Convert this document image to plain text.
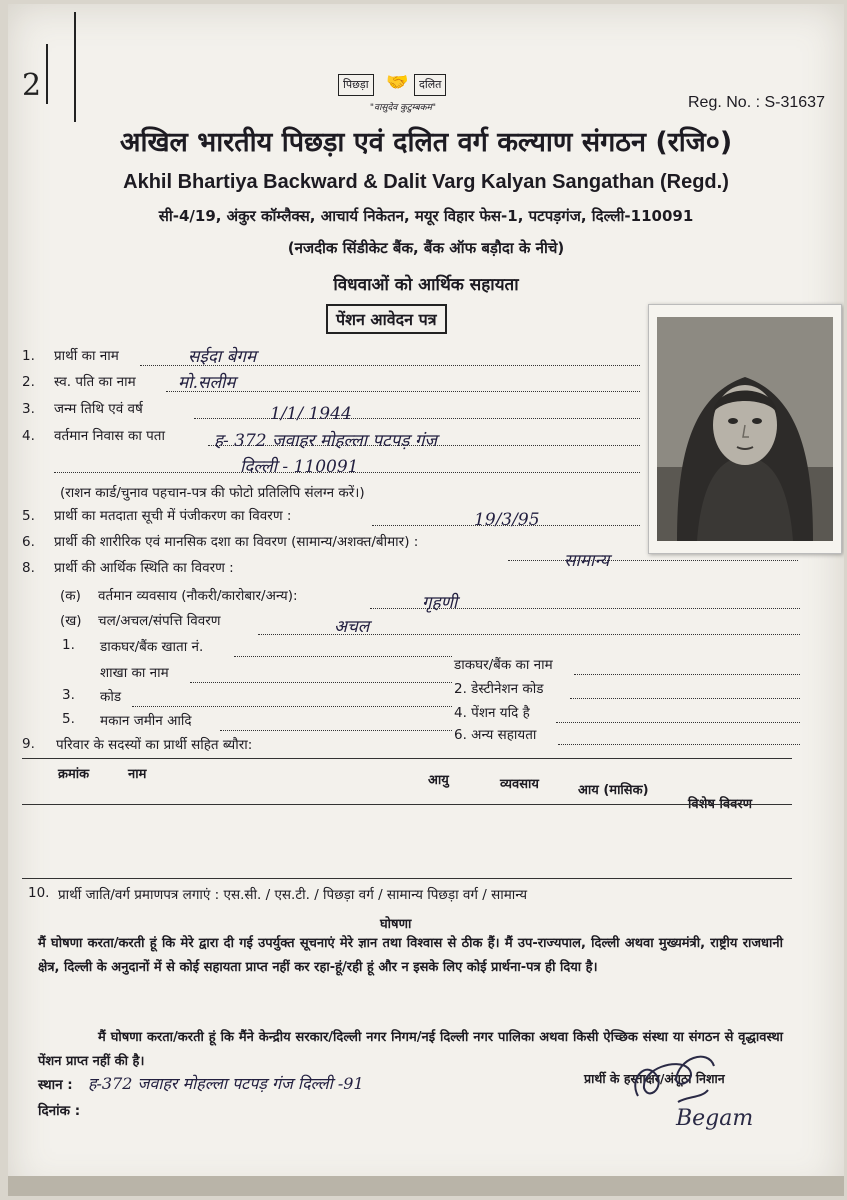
2	पिछड़ा 🤝 दलित
"वासुदेव कुटुम्बकम"	Reg. No. : S-31637
अखिल भारतीय पिछड़ा एवं दलित वर्ग कल्याण संगठन (रजि०)
Akhil Bhartiya Backward & Dalit Varg Kalyan Sangathan (Regd.)
सी-4/19, अंकुर कॉम्लैक्स, आचार्य निकेतन, मयूर विहार फेस-1, पटपड़गंज, दिल्ली-110091
(नजदीक सिंडीकेट बैंक, बैंक ऑफ बड़ौदा के नीचे)
विधवाओं को आर्थिक सहायता
पेंशन आवेदन पत्र
1. प्रार्थी का नाम	सईदा बेगम
2. स्व. पति का नाम मो.सलीम
3. जन्म तिथि एवं वर्ष	1/1/ 1944
4. वर्तमान निवास का पता	ह- 372 जवाहर मोहल्ला पटपड़ गंज
दिल्ली - 110091
(राशन कार्ड/चुनाव पहचान-पत्र की फोटो प्रतिलिपि संलग्न करें।)
5. प्रार्थी का मतदाता सूची में पंजीकरण का विवरण :	19/3/95
6. प्रार्थी की शारीरिक एवं मानसिक दशा का विवरण (सामान्य/अशक्त/बीमार) :
सामान्य
8. प्रार्थी की आर्थिक स्थिति का विवरण :
(क) वर्तमान व्यवसाय (नौकरी/कारोबार/अन्य):	गृहणी
(ख) चल/अचल/संपत्ति विवरण	अचल
1. डाकघर/बैंक खाता नं.
डाकघर/बैंक का नाम
शाखा का नाम
2. डेस्टीनेशन कोड
3. कोड
4. पेंशन यदि है
5. मकान जमीन आदि
6. अन्य सहायता
9. परिवार के सदस्यों का प्रार्थी सहित ब्यौरा:
क्रमांक	नाम	आयु	व्यवसाय	आय (मासिक)
विशेष विवरण
10. प्रार्थी जाति/वर्ग प्रमाणपत्र लगाएं : एस.सी. / एस.टी. / पिछड़ा वर्ग / सामान्य पिछड़ा वर्ग / सामान्य
घोषणा
मैं घोषणा करता/करती हूं कि मेरे द्वारा दी गई उपर्युक्त सूचनाएं मेरे ज्ञान तथा विश्वास से ठीक हैं। मैं उप-राज्यपाल, दिल्ली अथवा मुख्यमंत्री, राष्ट्रीय राजधानी क्षेत्र, दिल्ली के अनुदानों में से कोई सहायता प्राप्त नहीं कर रहा-हूं/रही हूं और न इसके लिए कोई प्रार्थना-पत्र ही दिया है।
मैं घोषणा करता/करती हूं कि मैंने केन्द्रीय सरकार/दिल्ली नगर निगम/नई दिल्ली नगर पालिका अथवा किसी ऐच्छिक संस्था या संगठन से वृद्धावस्था पेंशन प्राप्त नहीं की है।
प्रार्थी के हस्ताक्षर/अंगूठा निशान
Begam
स्थान : ह-372 जवाहर मोहल्ला पटपड़ गंज दिल्ली -91
दिनांक :
